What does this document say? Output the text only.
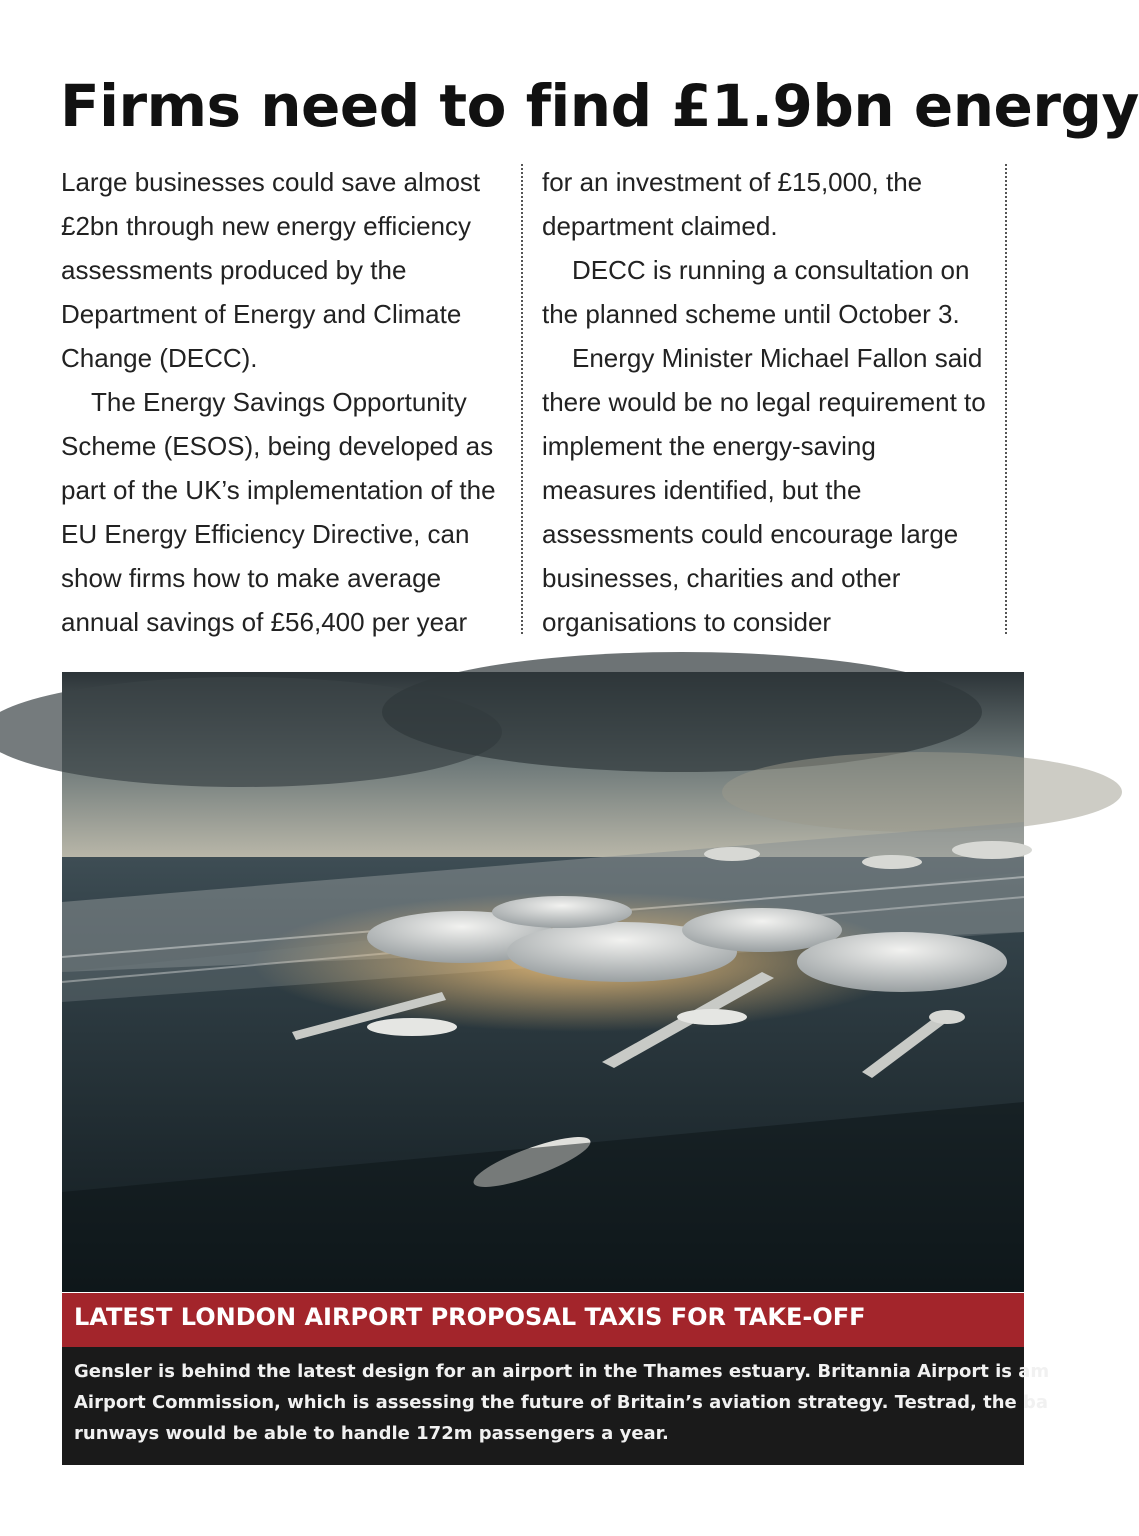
Firms need to find £1.9bn energy

Large businesses could save almost £2bn through new energy efficiency assessments produced by the Department of Energy and Climate Change (DECC).

The Energy Savings Opportunity Scheme (ESOS), being developed as part of the UK’s implementation of the EU Energy Efficiency Directive, can show firms how to make average annual savings of £56,400 per year

for an investment of £15,000, the department claimed.

DECC is running a consultation on the planned scheme until October 3.

Energy Minister Michael Fallon said there would be no legal requirement to implement the energy-saving measures identified, but the assessments could encourage large businesses, charities and other organisations to consider

LATEST LONDON AIRPORT PROPOSAL TAXIS FOR TAKE-OFF
Gensler is behind the latest design for an airport in the Thames estuary. Britannia Airport is am
Airport Commission, which is assessing the future of Britain’s aviation strategy. Testrad, the ba
runways would be able to handle 172m passengers a year.
